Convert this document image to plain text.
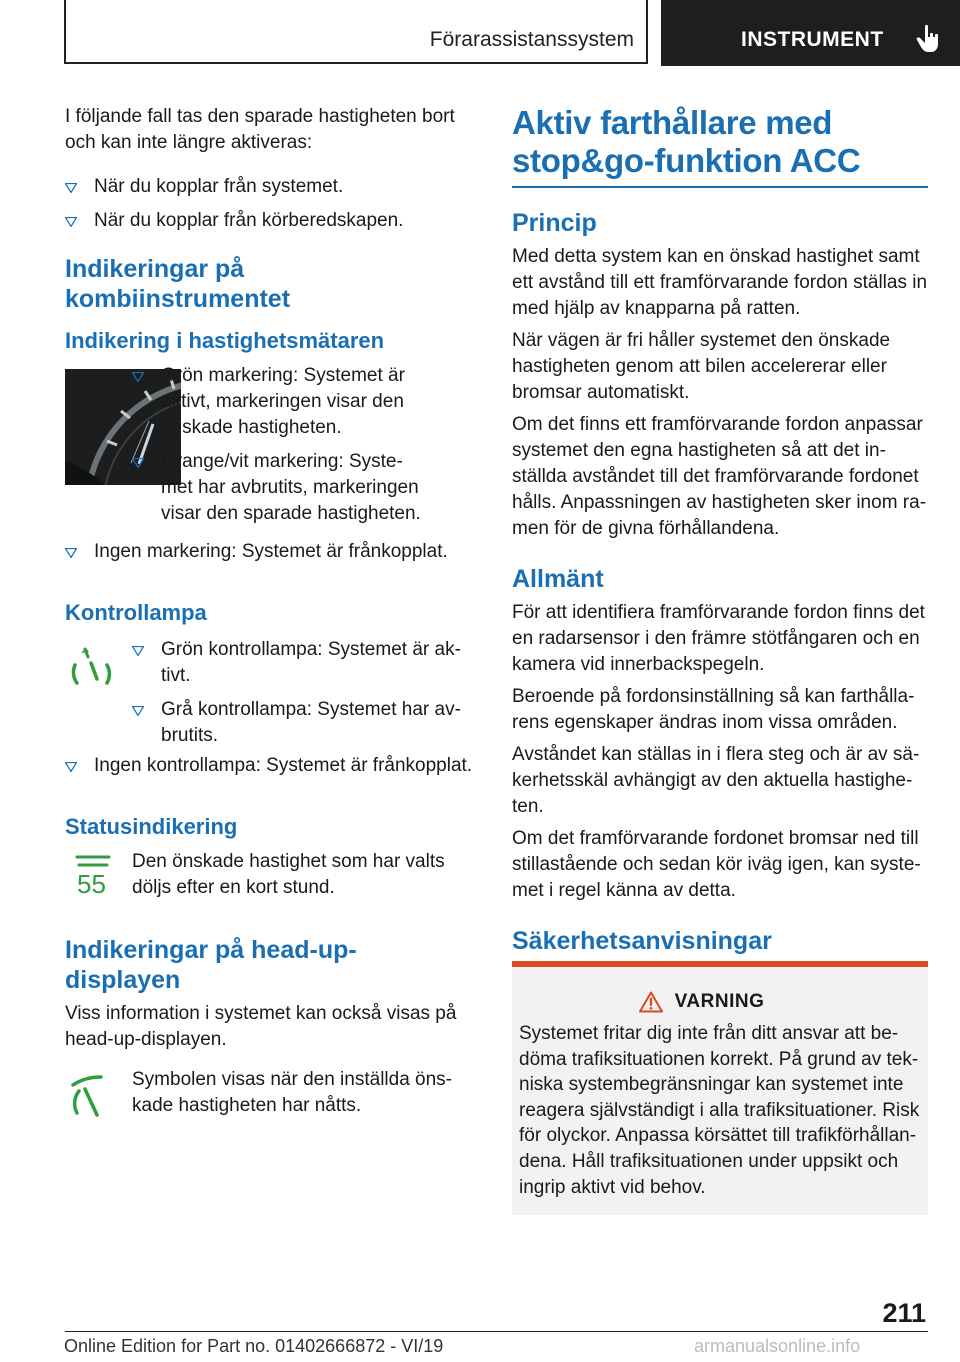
Förarassistanssystem	INSTRUMENT

I följande fall tas den sparade hastigheten bort

och kan inte längre aktiveras:

När du kopplar från systemet.
När du kopplar från körberedskapen.
Indikeringar på
kombiinstrumentet
Indikering i hastighetsmätaren
Grön markering: Systemet är
aktivt, markeringen visar den
önskade hastigheten.
Orange/vit markering: Syste-
met har avbrutits, markeringen
visar den sparade hastigheten.
Ingen markering: Systemet är frånkopplat.
Kontrollampa
Grön kontrollampa: Systemet är ak-
tivt.
Grå kontrollampa: Systemet har av-
brutits.
Ingen kontrollampa: Systemet är frånkopplat.
Statusindikering
55

Den önskade hastighet som har valts

döljs efter en kort stund.

Indikeringar på head-up-
displayen

Viss information i systemet kan också visas på

head-up-displayen.

Symbolen visas när den inställda öns-

kade hastigheten har nåtts.

Aktiv farthållare med
stop&go-funktion ACC
Princip

Med detta system kan en önskad hastighet samt

ett avstånd till ett framförvarande fordon ställas in

med hjälp av knapparna på ratten.

När vägen är fri håller systemet den önskade

hastigheten genom att bilen accelererar eller

bromsar automatiskt.

Om det finns ett framförvarande fordon anpassar

systemet den egna hastigheten så att det in-

ställda avståndet till det framförvarande fordonet

hålls. Anpassningen av hastigheten sker inom ra-

men för de givna förhållandena.

Allmänt

För att identifiera framförvarande fordon finns det

en radarsensor i den främre stötfångaren och en

kamera vid innerbackspegeln.

Beroende på fordonsinställning så kan farthålla-

rens egenskaper ändras inom vissa områden.

Avståndet kan ställas in i flera steg och är av sä-

kerhetsskäl avhängigt av den aktuella hastighe-

ten.

Om det framförvarande fordonet bromsar ned till

stillastående och sedan kör iväg igen, kan syste-

met i regel känna av detta.

Säkerhetsanvisningar
VARNING

Systemet fritar dig inte från ditt ansvar att be-

döma trafiksituationen korrekt. På grund av tek-

niska systembegränsningar kan systemet inte

reagera självständigt i alla trafiksituationer. Risk

för olyckor. Anpassa körsättet till trafikförhållan-

dena. Håll trafiksituationen under uppsikt och

ingrip aktivt vid behov.

211
Online Edition for Part no. 01402666872 - VI/19	armanualsonline.info
